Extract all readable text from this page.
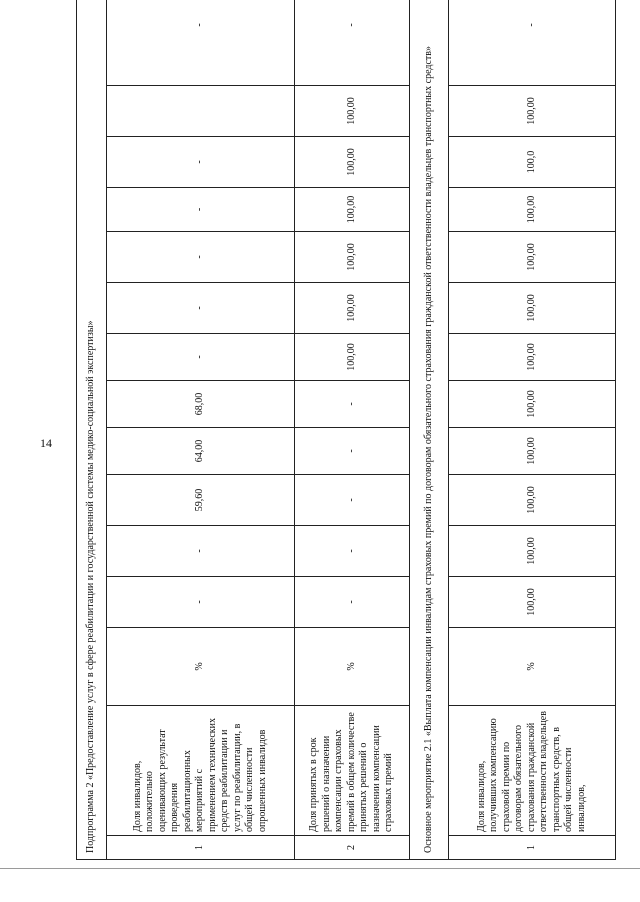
14	Подпрограмма 2 «Предоставление услуг в сфере реабилитации и государственной системы медико-социальной экспертизы»														
1	Доля инвалидов, положительно оценивающих результат проведения реабилитационных мероприятий с применением технических средств реабилитации и услуг по реабилитации, в общей численности опрошенных инвалидов	%	-	-	59,60	64,00	68,00	-	-	-	-	-		-
2	Доля принятых в срок решений о назначении компенсации страховых премий в общем количестве принятых решений о назначении компенсации страховых премий	%	-	-	-	-	-	100,00	100,00	100,00	100,00	100,00	100,00	-
Основное мероприятие 2.1 «Выплата компенсации инвалидам страховых премий по договорам обязательного страхования гражданской ответственности владельцев транспортных средств»														
1	Доля инвалидов, получивших компенсацию страховой премии по договорам обязательного страхования гражданской ответственности владельцев транспортных средств, в общей численности инвалидов,	%	100,00	100,00	100,00	100,00	100,00	100,00	100,00	100,00	100,00	100,0	100,00	-
